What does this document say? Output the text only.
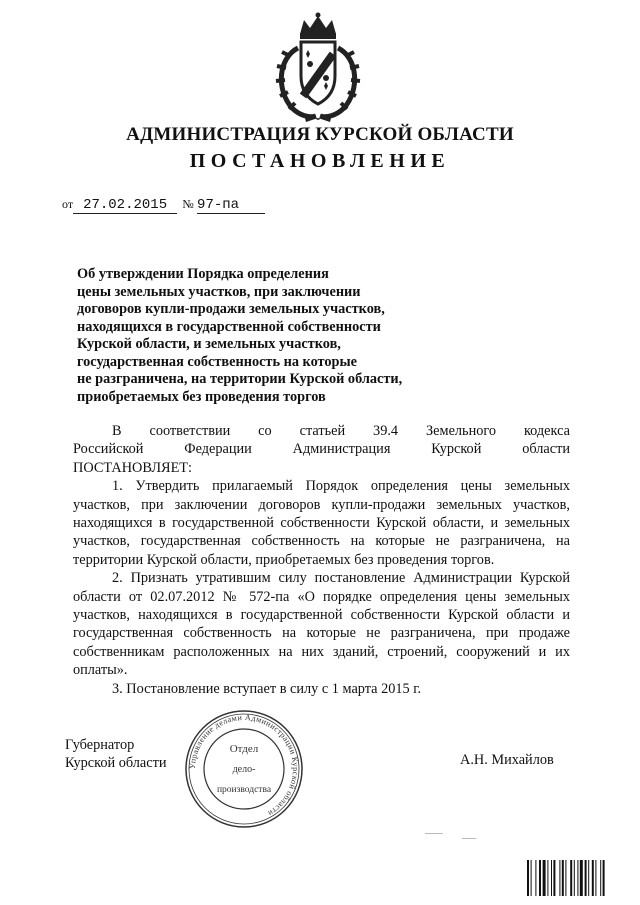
АДМИНИСТРАЦИЯ КУРСКОЙ ОБЛАСТИ
ПОСТАНОВЛЕНИЕ
от 27.02.2015 № 97-па
Об утверждении Порядка определения
цены земельных участков, при заключении
договоров купли-продажи земельных участков,
находящихся в государственной собственности
Курской области, и земельных участков,
государственная собственность на которые
не разграничена, на территории Курской области,
приобретаемых без проведения торгов

В соответствии со статьей 39.4 Земельного кодекса

Российской Федерации Администрация Курской области

ПОСТАНОВЛЯЕТ:

1. Утвердить прилагаемый Порядок определения цены земельных участков, при заключении договоров купли-продажи земельных участков, находящихся в государственной собственности Курской области, и земельных участков, государственная собственность на которые не разграничена, на территории Курской области, приобретаемых без проведения торгов.

2. Признать утратившим силу постановление Администрации Курской области от 02.07.2012 № 572-па «О порядке определения цены земельных участков, находящихся в государственной собственности Курской области и государственная собственность на которые не разграничена, при продаже собственникам расположенных на них зданий, строений, сооружений и их оплаты».

3. Постановление вступает в силу с 1 марта 2015 г.

Губернатор
Курской области	А.Н. Михайлов
Управление делами Администрации Курской области
Отдел
дело-
производства
